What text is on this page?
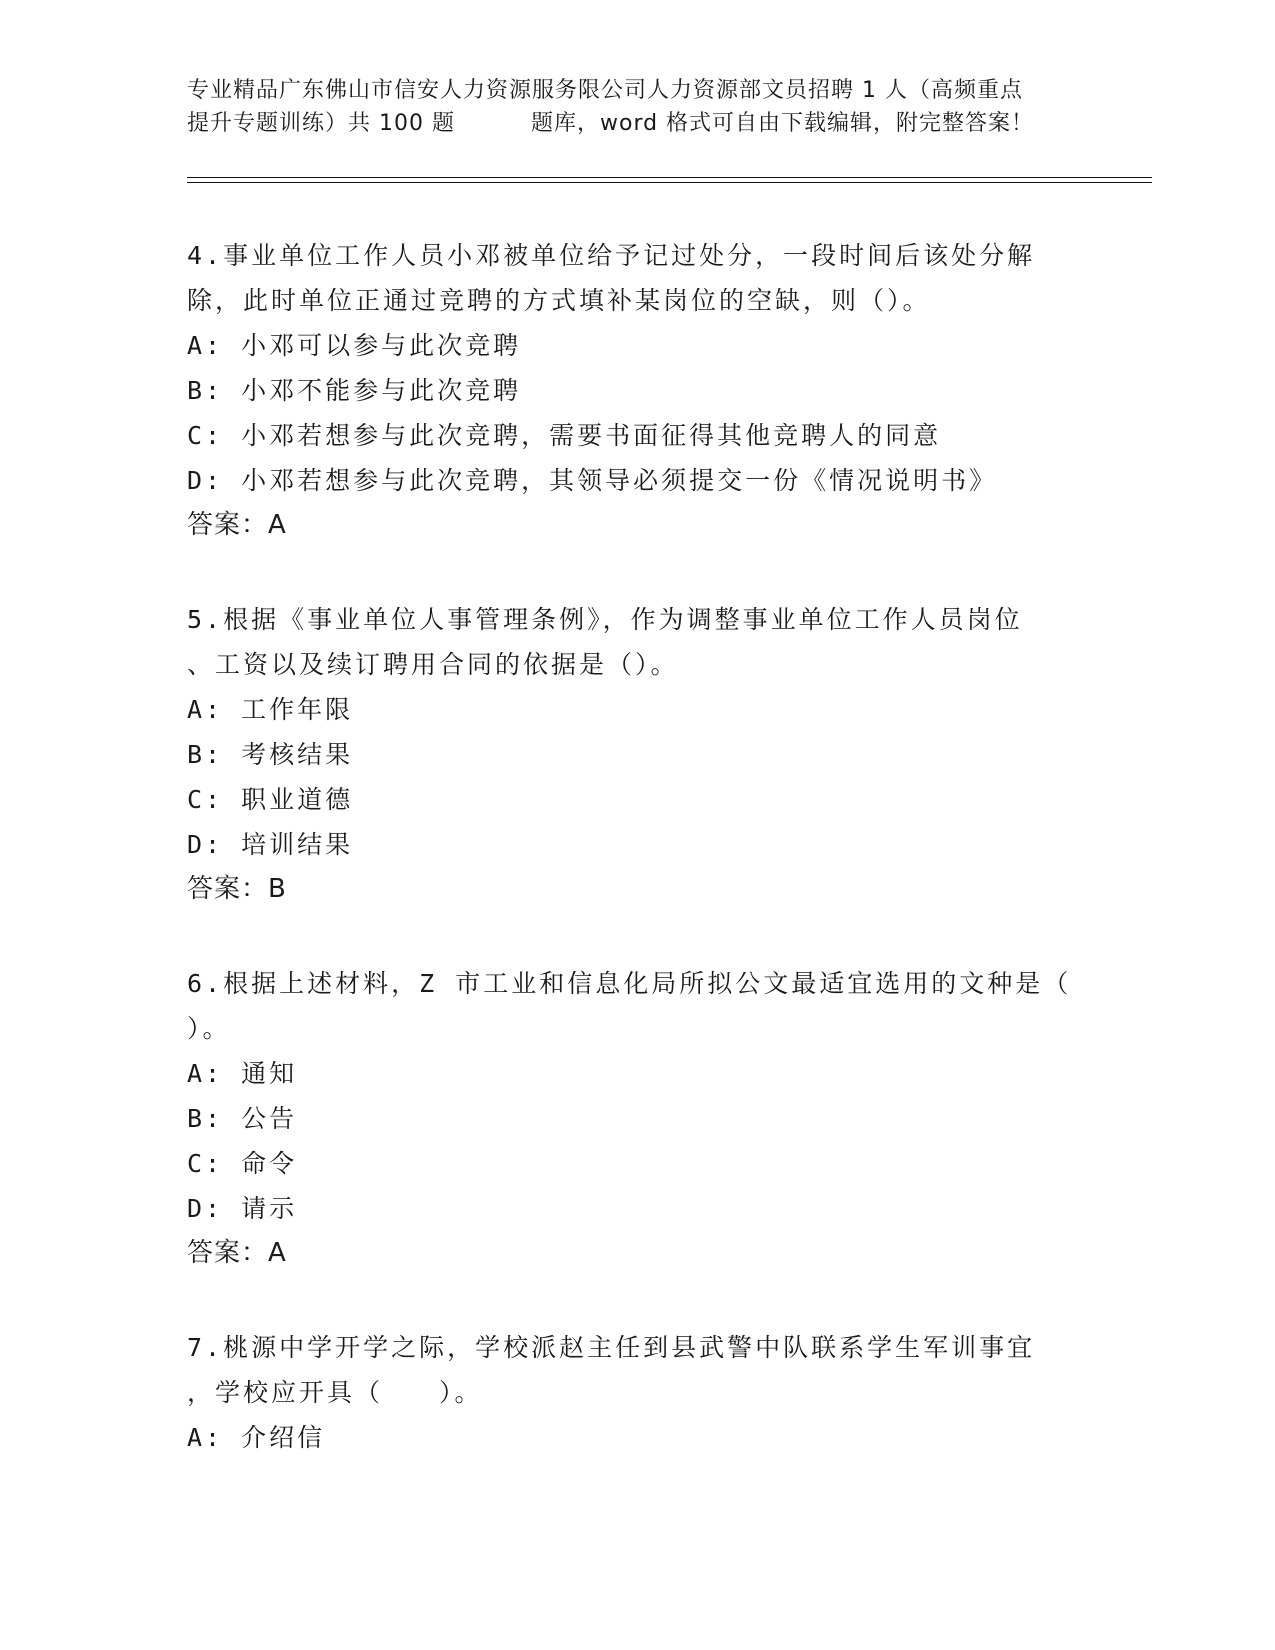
专业精品广东佛山市信安人力资源服务限公司人力资源部文员招聘 1 人（高频重点
提升专题训练）共 100 题	题库，word 格式可自由下载编辑，附完整答案！
4.事业单位工作人员小邓被单位给予记过处分，一段时间后该处分解
除，此时单位正通过竞聘的方式填补某岗位的空缺，则（）。
A: 小邓可以参与此次竞聘
B: 小邓不能参与此次竞聘
C: 小邓若想参与此次竞聘，需要书面征得其他竞聘人的同意
D: 小邓若想参与此次竞聘，其领导必须提交一份《情况说明书》
答案：A
5.根据《事业单位人事管理条例》，作为调整事业单位工作人员岗位
、工资以及续订聘用合同的依据是（）。
A: 工作年限
B: 考核结果
C: 职业道德
D: 培训结果
答案：B
6.根据上述材料，Z 市工业和信息化局所拟公文最适宜选用的文种是（
）。
A: 通知
B: 公告
C: 命令
D: 请示
答案：A
7.桃源中学开学之际，学校派赵主任到县武警中队联系学生军训事宜
，学校应开具（　　）。
A: 介绍信
